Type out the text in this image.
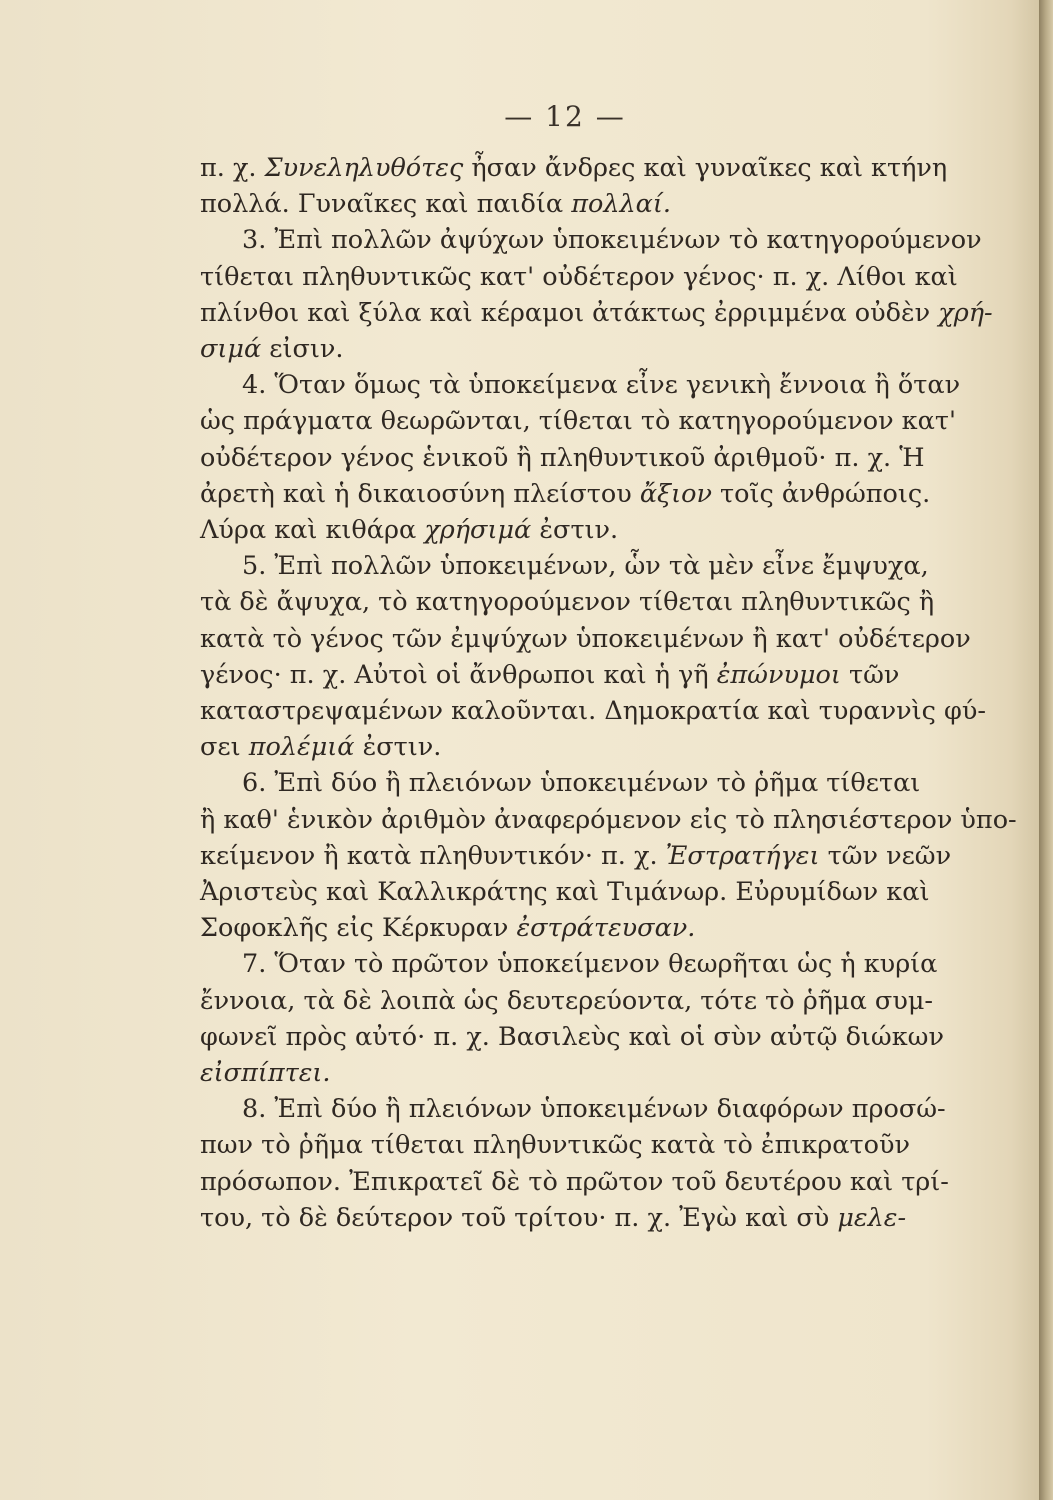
— 12 —
π. χ. Συνεληλυθότες ἦσαν ἄνδρες καὶ γυναῖκες καὶ κτήνη
πολλά. Γυναῖκες καὶ παιδία πολλαί.
3. Ἐπὶ πολλῶν ἀψύχων ὑποκειμένων τὸ κατηγορούμενον
τίθεται πληθυντικῶς κατ' οὐδέτερον γένος· π. χ. Λίθοι καὶ
πλίνθοι καὶ ξύλα καὶ κέραμοι ἀτάκτως ἐρριμμένα οὐδὲν χρή-
σιμά εἰσιν.
4. Ὅταν ὅμως τὰ ὑποκείμενα εἶνε γενικὴ ἔννοια ἢ ὅταν
ὡς πράγματα θεωρῶνται, τίθεται τὸ κατηγορούμενον κατ'
οὐδέτερον γένος ἑνικοῦ ἢ πληθυντικοῦ ἀριθμοῦ· π. χ. Ἡ
ἀρετὴ καὶ ἡ δικαιοσύνη πλείστου ἄξιον τοῖς ἀνθρώποις.
Λύρα καὶ κιθάρα χρήσιμά ἐστιν.
5. Ἐπὶ πολλῶν ὑποκειμένων, ὧν τὰ μὲν εἶνε ἔμψυχα,
τὰ δὲ ἄψυχα, τὸ κατηγορούμενον τίθεται πληθυντικῶς ἢ
κατὰ τὸ γένος τῶν ἐμψύχων ὑποκειμένων ἢ κατ' οὐδέτερον
γένος· π. χ. Αὐτοὶ οἱ ἄνθρωποι καὶ ἡ γῆ ἐπώνυμοι τῶν
καταστρεψαμένων καλοῦνται. Δημοκρατία καὶ τυραννὶς φύ-
σει πολέμιά ἐστιν.
6. Ἐπὶ δύο ἢ πλειόνων ὑποκειμένων τὸ ῥῆμα τίθεται
ἢ καθ' ἑνικὸν ἀριθμὸν ἀναφερόμενον εἰς τὸ πλησιέστερον ὑπο-
κείμενον ἢ κατὰ πληθυντικόν· π. χ. Ἐστρατήγει τῶν νεῶν
Ἀριστεὺς καὶ Καλλικράτης καὶ Τιμάνωρ. Εὐρυμίδων καὶ
Σοφοκλῆς εἰς Κέρκυραν ἐστράτευσαν.
7. Ὅταν τὸ πρῶτον ὑποκείμενον θεωρῆται ὡς ἡ κυρία
ἔννοια, τὰ δὲ λοιπὰ ὡς δευτερεύοντα, τότε τὸ ῥῆμα συμ-
φωνεῖ πρὸς αὐτό· π. χ. Βασιλεὺς καὶ οἱ σὺν αὐτῷ διώκων
εἰσπίπτει.
8. Ἐπὶ δύο ἢ πλειόνων ὑποκειμένων διαφόρων προσώ-
πων τὸ ῥῆμα τίθεται πληθυντικῶς κατὰ τὸ ἐπικρατοῦν
πρόσωπον. Ἐπικρατεῖ δὲ τὸ πρῶτον τοῦ δευτέρου καὶ τρί-
του, τὸ δὲ δεύτερον τοῦ τρίτου· π. χ. Ἐγὼ καὶ σὺ μελε-
